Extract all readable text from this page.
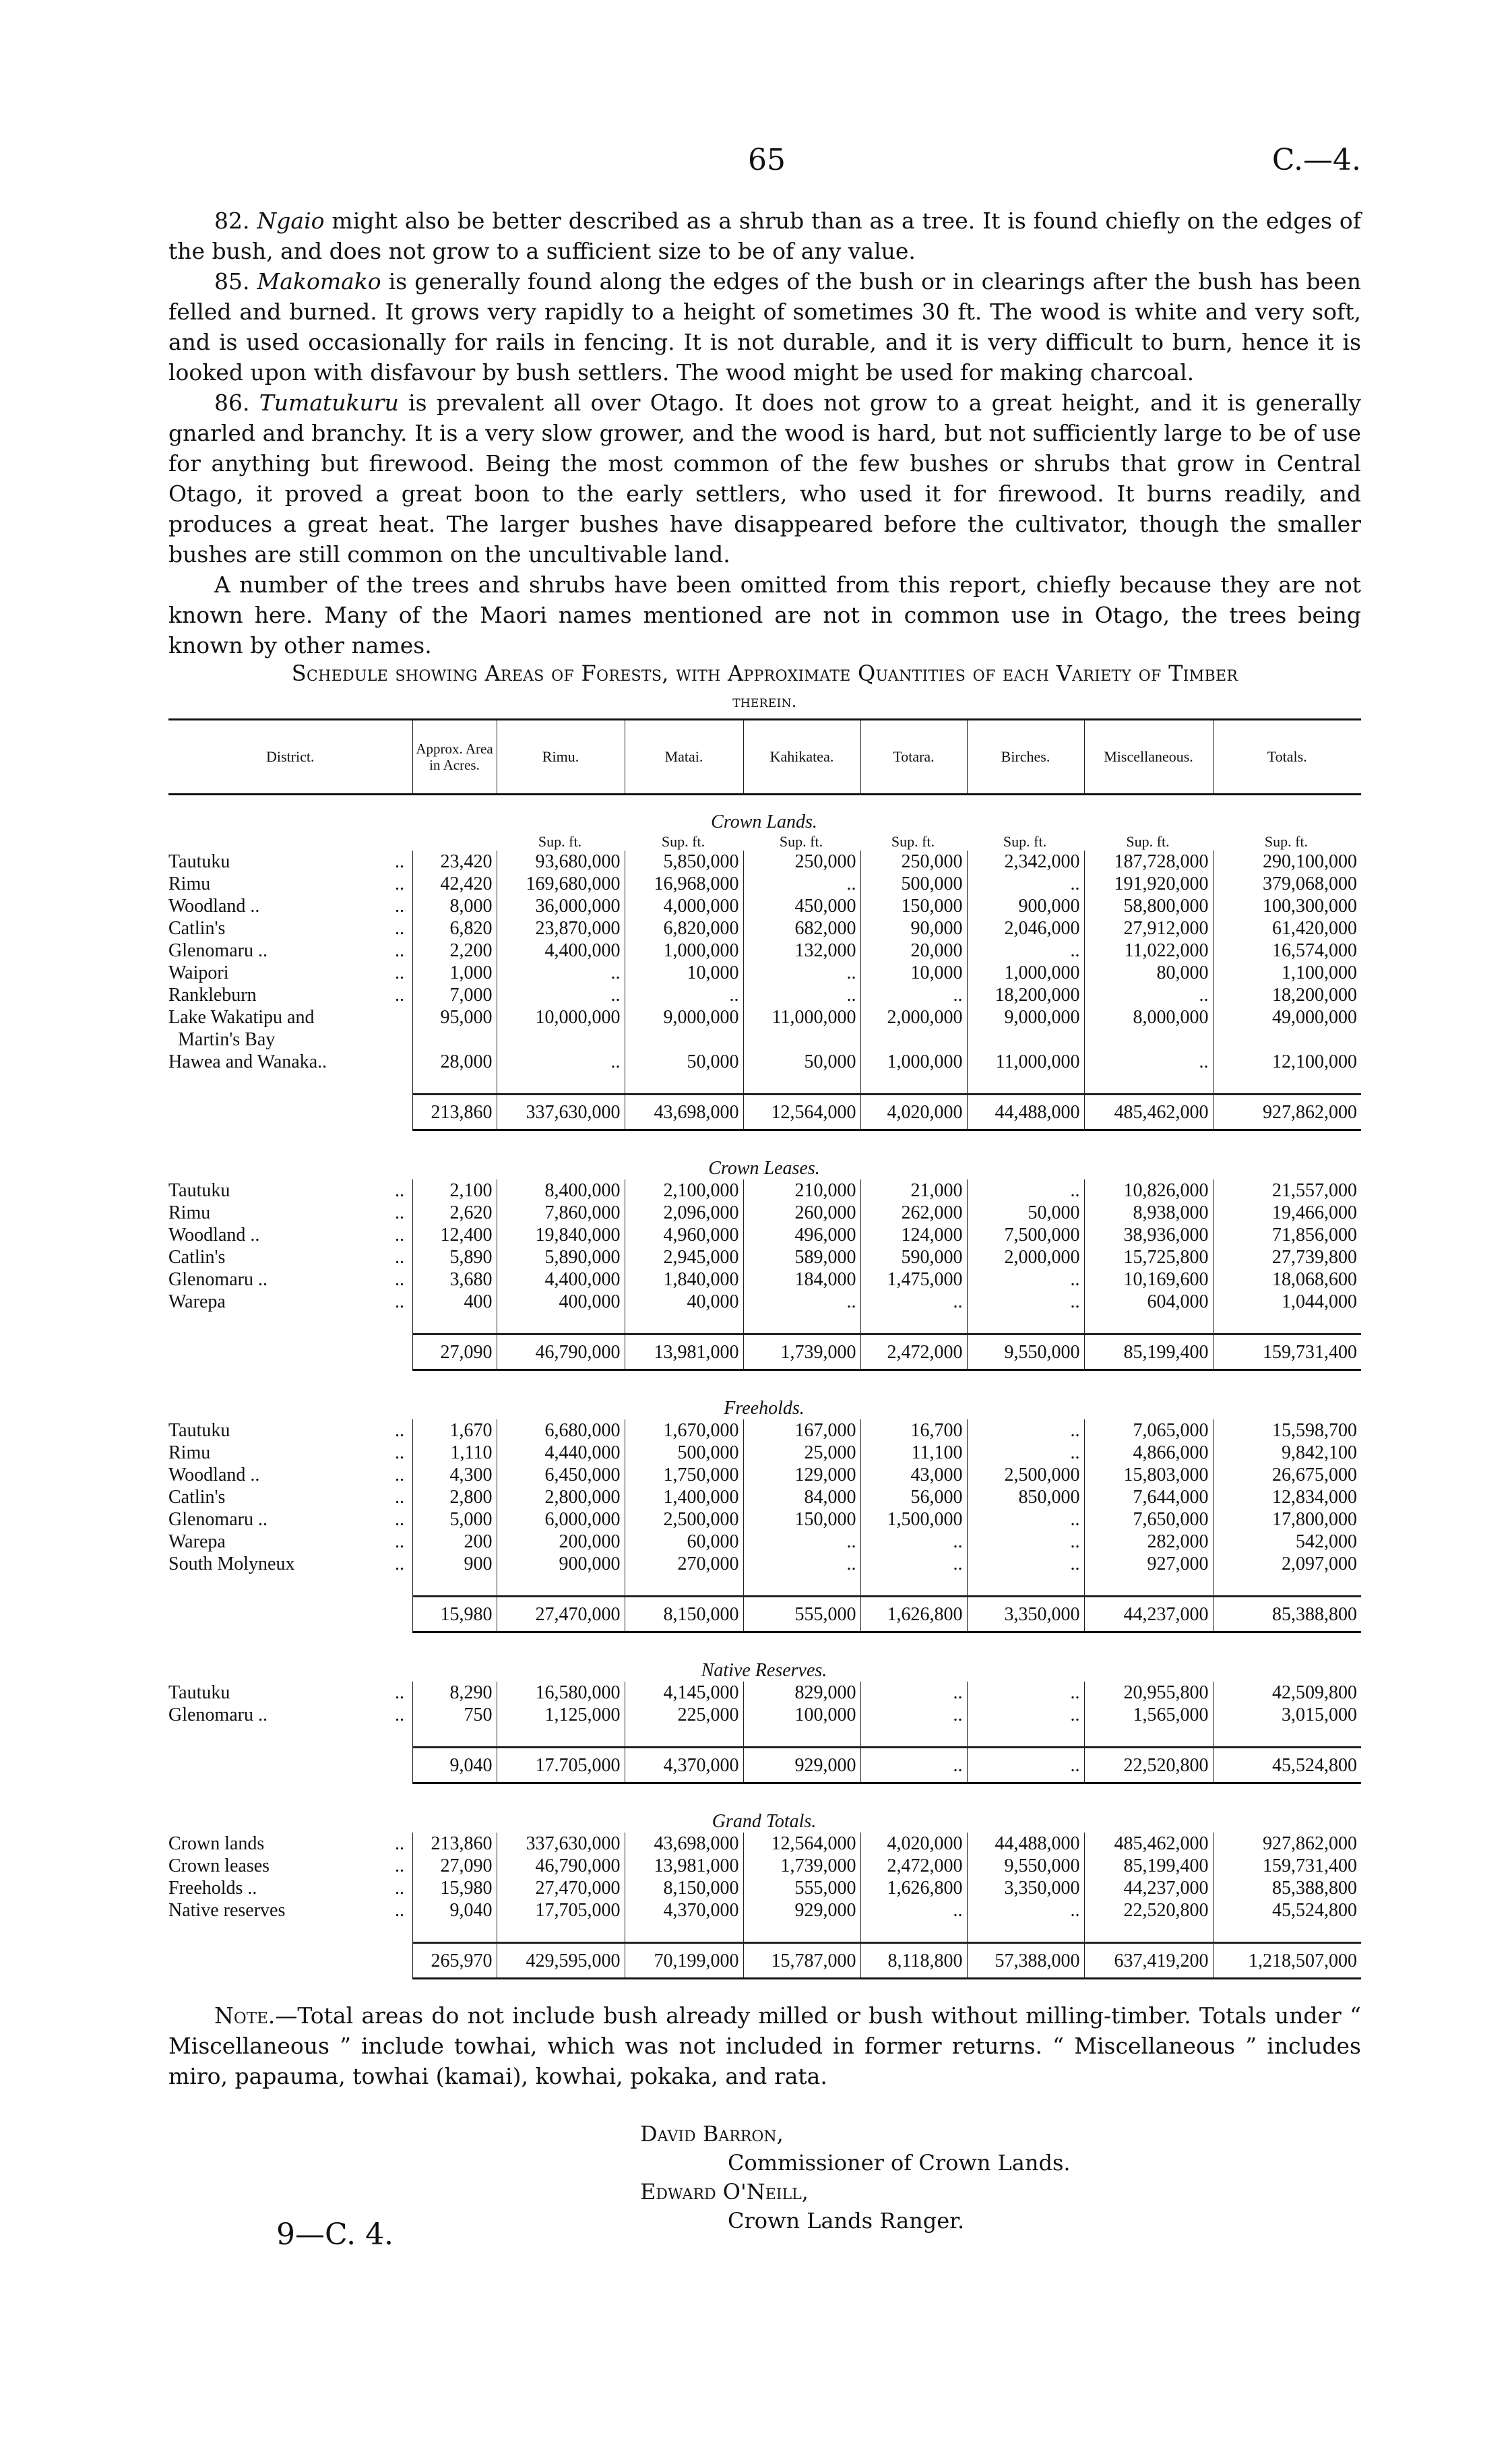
65	C.—4.

82. Ngaio might also be better described as a shrub than as a tree. It is found chiefly on the edges of the bush, and does not grow to a sufficient size to be of any value.

85. Makomako is generally found along the edges of the bush or in clearings after the bush has been felled and burned. It grows very rapidly to a height of sometimes 30 ft. The wood is white and very soft, and is used occasionally for rails in fencing. It is not durable, and it is very difficult to burn, hence it is looked upon with disfavour by bush settlers. The wood might be used for making charcoal.

86. Tumatukuru is prevalent all over Otago. It does not grow to a great height, and it is generally gnarled and branchy. It is a very slow grower, and the wood is hard, but not sufficiently large to be of use for anything but firewood. Being the most common of the few bushes or shrubs that grow in Central Otago, it proved a great boon to the early settlers, who used it for firewood. It burns readily, and produces a great heat. The larger bushes have disappeared before the cultivator, though the smaller bushes are still common on the uncultivable land.

A number of the trees and shrubs have been omitted from this report, chiefly because they are not known here. Many of the Maori names mentioned are not in common use in Otago, the trees being known by other names.

Schedule showing Areas of Forests, with Approximate Quantities of each Variety of Timber
therein.
District.	Approx. Area in Acres.	Rimu.	Matai.	Kahikatea.	Totara.	Birches.	Miscellaneous.	Totals.
Crown Lands.								
		Sup. ft.	Sup. ft.	Sup. ft.	Sup. ft.	Sup. ft.	Sup. ft.	Sup. ft.
Tautuku ..	23,420	93,680,000	5,850,000	250,000	250,000	2,342,000	187,728,000	290,100,000
Rimu ..	42,420	169,680,000	16,968,000	..	500,000	..	191,920,000	379,068,000
Woodland .. ..	8,000	36,000,000	4,000,000	450,000	150,000	900,000	58,800,000	100,300,000
Catlin's ..	6,820	23,870,000	6,820,000	682,000	90,000	2,046,000	27,912,000	61,420,000
Glenomaru .. ..	2,200	4,400,000	1,000,000	132,000	20,000	..	11,022,000	16,574,000
Waipori ..	1,000	..	10,000	..	10,000	1,000,000	80,000	1,100,000
Rankleburn ..	7,000	..	..	..	..	18,200,000	..	18,200,000
Lake Wakatipu and	95,000	10,000,000	9,000,000	11,000,000	2,000,000	9,000,000	8,000,000	49,000,000
Martin's Bay								
Hawea and Wanaka..	28,000	..	50,000	50,000	1,000,000	11,000,000	..	12,100,000

	213,860	337,630,000	43,698,000	12,564,000	4,020,000	44,488,000	485,462,000	927,862,000

Crown Leases.								
Tautuku ..	2,100	8,400,000	2,100,000	210,000	21,000	..	10,826,000	21,557,000
Rimu ..	2,620	7,860,000	2,096,000	260,000	262,000	50,000	8,938,000	19,466,000
Woodland .. ..	12,400	19,840,000	4,960,000	496,000	124,000	7,500,000	38,936,000	71,856,000
Catlin's ..	5,890	5,890,000	2,945,000	589,000	590,000	2,000,000	15,725,800	27,739,800
Glenomaru .. ..	3,680	4,400,000	1,840,000	184,000	1,475,000	..	10,169,600	18,068,600
Warepa ..	400	400,000	40,000	..	..	..	604,000	1,044,000

	27,090	46,790,000	13,981,000	1,739,000	2,472,000	9,550,000	85,199,400	159,731,400

Freeholds.								
Tautuku ..	1,670	6,680,000	1,670,000	167,000	16,700	..	7,065,000	15,598,700
Rimu ..	1,110	4,440,000	500,000	25,000	11,100	..	4,866,000	9,842,100
Woodland .. ..	4,300	6,450,000	1,750,000	129,000	43,000	2,500,000	15,803,000	26,675,000
Catlin's ..	2,800	2,800,000	1,400,000	84,000	56,000	850,000	7,644,000	12,834,000
Glenomaru .. ..	5,000	6,000,000	2,500,000	150,000	1,500,000	..	7,650,000	17,800,000
Warepa ..	200	200,000	60,000	..	..	..	282,000	542,000
South Molyneux ..	900	900,000	270,000	..	..	..	927,000	2,097,000

	15,980	27,470,000	8,150,000	555,000	1,626,800	3,350,000	44,237,000	85,388,800

Native Reserves.								
Tautuku ..	8,290	16,580,000	4,145,000	829,000	..	..	20,955,800	42,509,800
Glenomaru .. ..	750	1,125,000	225,000	100,000	..	..	1,565,000	3,015,000

	9,040	17.705,000	4,370,000	929,000	..	..	22,520,800	45,524,800

Grand Totals.								
Crown lands ..	213,860	337,630,000	43,698,000	12,564,000	4,020,000	44,488,000	485,462,000	927,862,000
Crown leases ..	27,090	46,790,000	13,981,000	1,739,000	2,472,000	9,550,000	85,199,400	159,731,400
Freeholds .. ..	15,980	27,470,000	8,150,000	555,000	1,626,800	3,350,000	44,237,000	85,388,800
Native reserves ..	9,040	17,705,000	4,370,000	929,000	..	..	22,520,800	45,524,800

	265,970	429,595,000	70,199,000	15,787,000	8,118,800	57,388,000	637,419,200	1,218,507,000

Note.—Total areas do not include bush already milled or bush without milling-timber. Totals under “ Miscellaneous ” include towhai, which was not included in former returns. “ Miscellaneous ” includes miro, papauma, towhai (kamai), kowhai, pokaka, and rata.

David Barron,
Commissioner of Crown Lands.
Edward O'Neill,
Crown Lands Ranger.
9—C. 4.
